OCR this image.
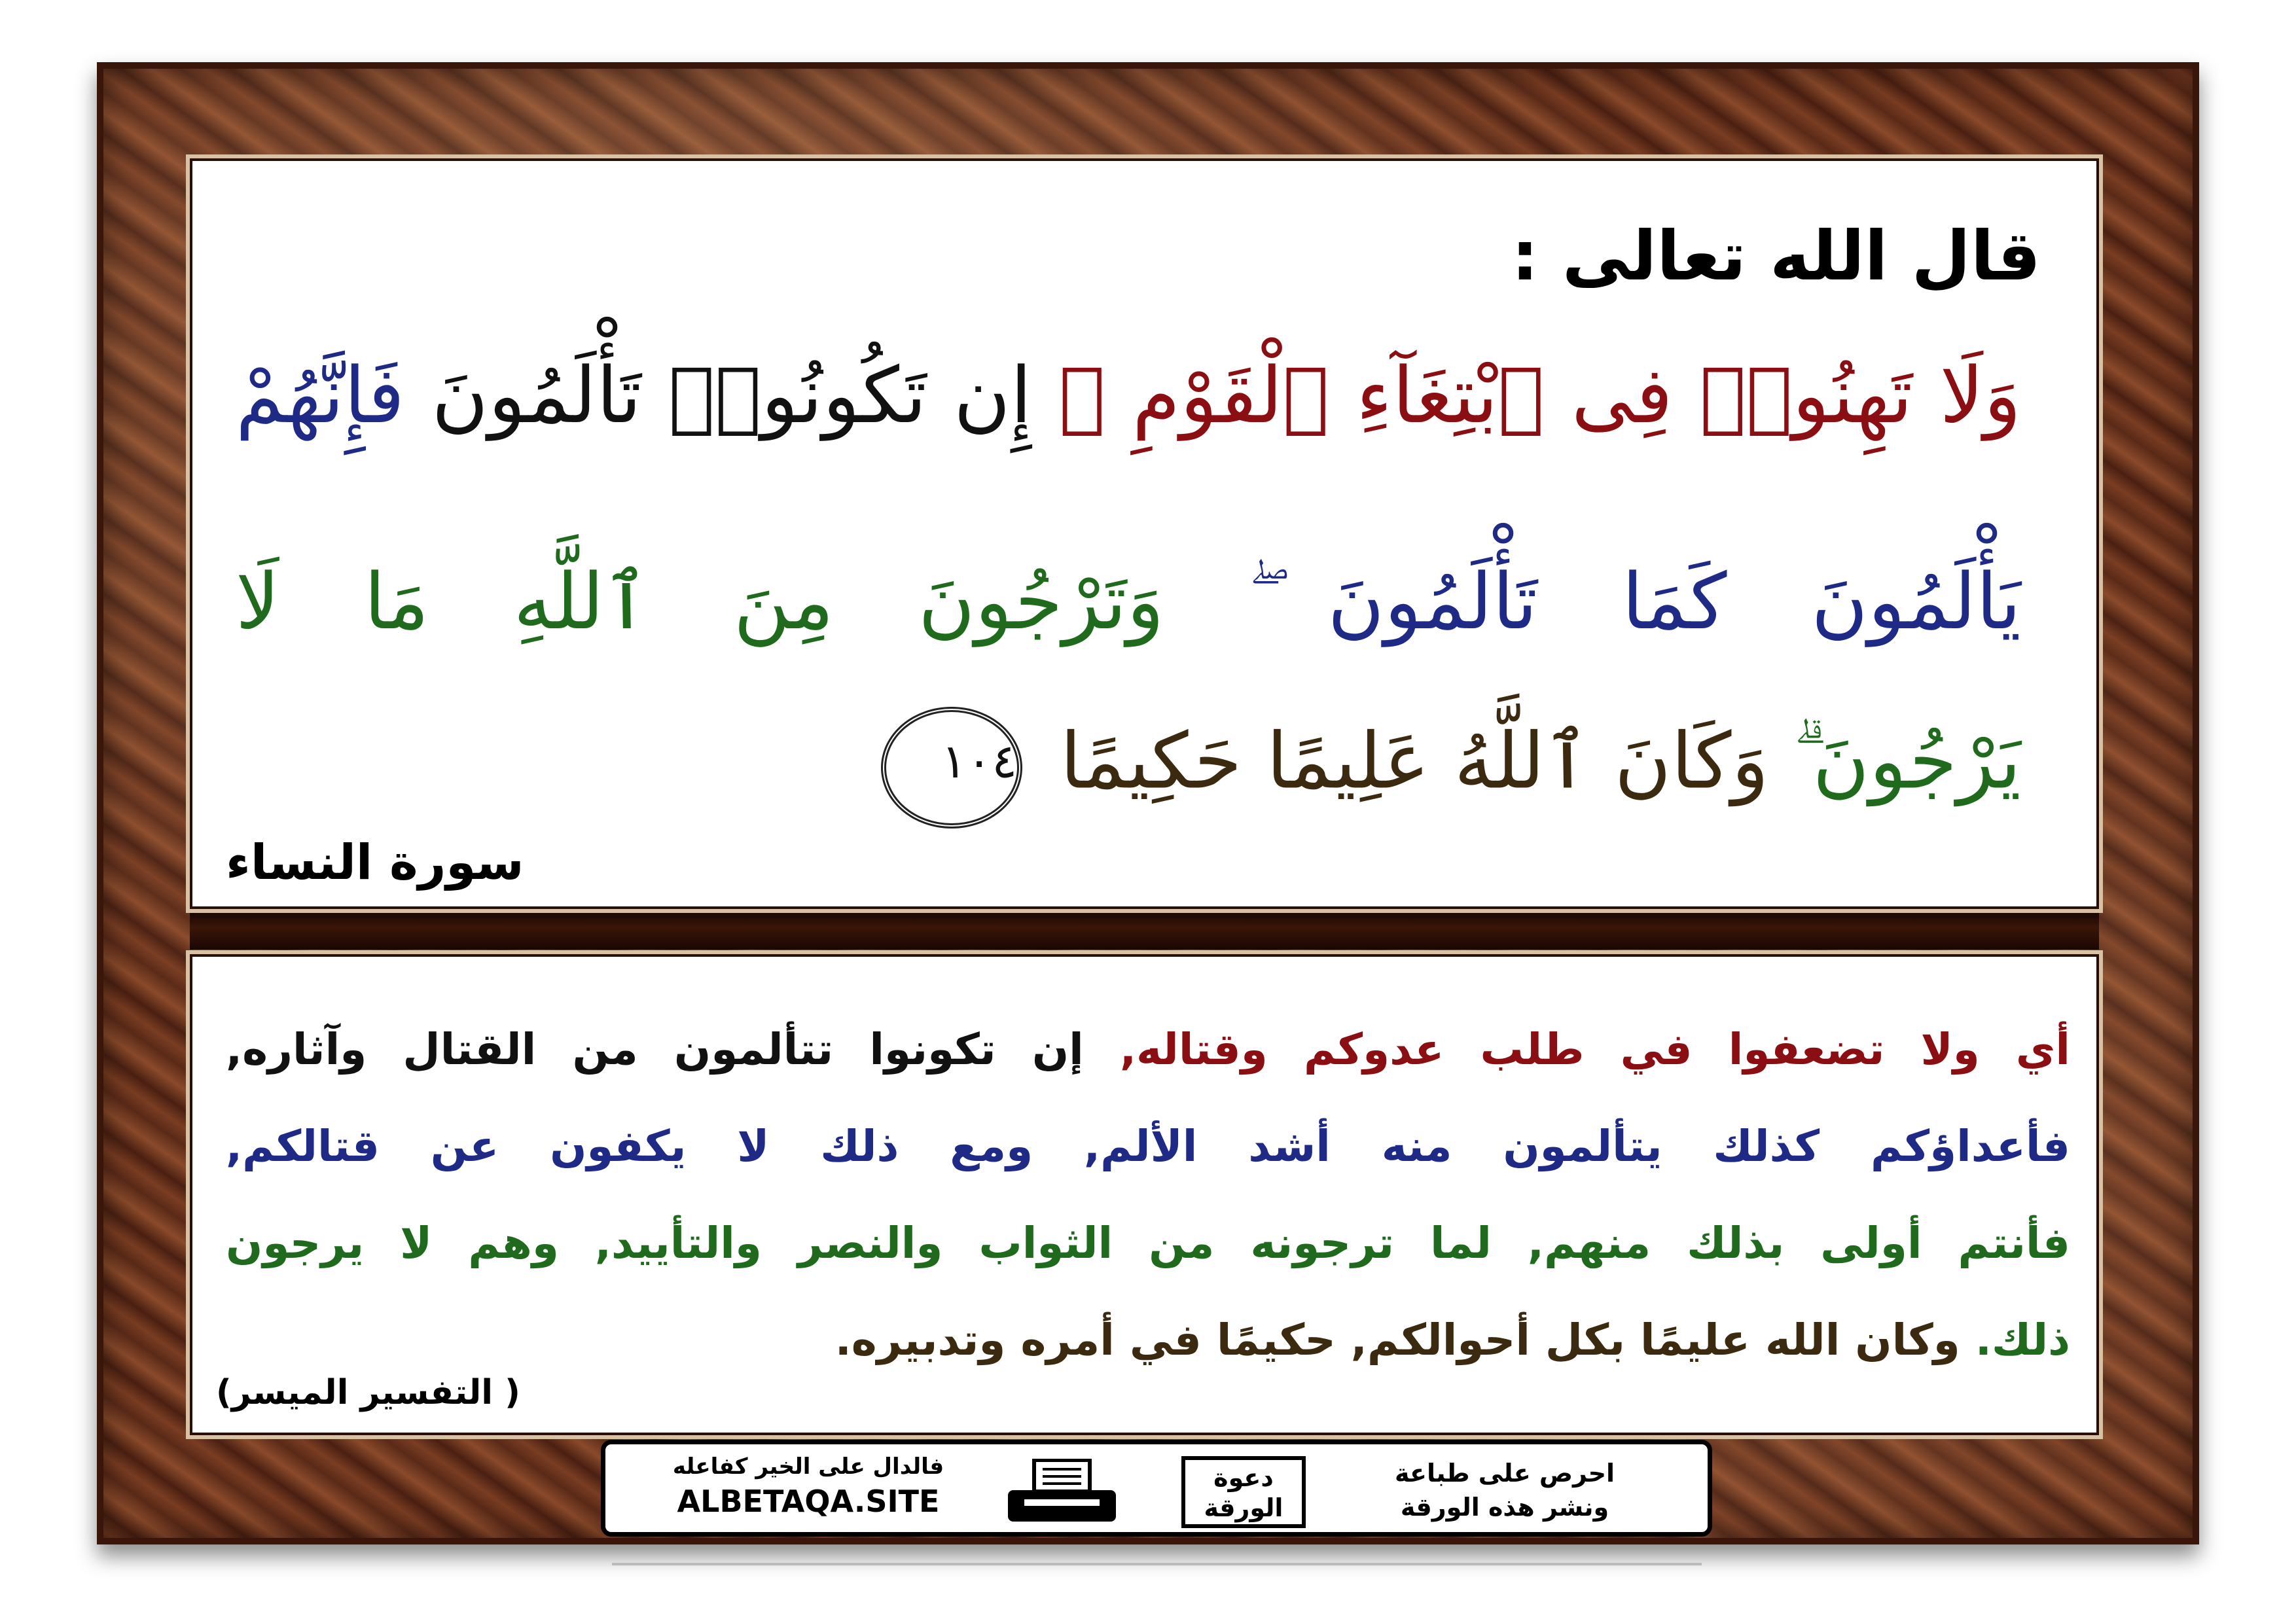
قال الله تعالى :
وَلَا تَهِنُوا۟ فِى ٱبْتِغَآءِ ٱلْقَوْمِ ۖ إِن تَكُونُوا۟ تَأْلَمُونَ فَإِنَّهُمْ
يَأْلَمُونَ كَمَا تَأْلَمُونَ ۖ وَتَرْجُونَ مِنَ ٱللَّهِ مَا لَا
يَرْجُونَ ۗ وَكَانَ ٱللَّهُ عَلِيمًا حَكِيمًا ١٠٤
سورة النساء
أي ولا تضعفوا في طلب عدوكم وقتاله, إن تكونوا تتألمون من القتال وآثاره,
فأعداؤكم كذلك يتألمون منه أشد الألم, ومع ذلك لا يكفون عن قتالكم,
فأنتم أولى بذلك منهم, لما ترجونه من الثواب والنصر والتأييد, وهم لا يرجون
ذلك. وكان الله عليمًا بكل أحوالكم, حكيمًا في أمره وتدبيره.
( التفسير الميسر)
فالدال على الخير كفاعله
ALBETAQA.SITE
دعوة
الورقة
احرص على طباعة
ونشر هذه الورقة
